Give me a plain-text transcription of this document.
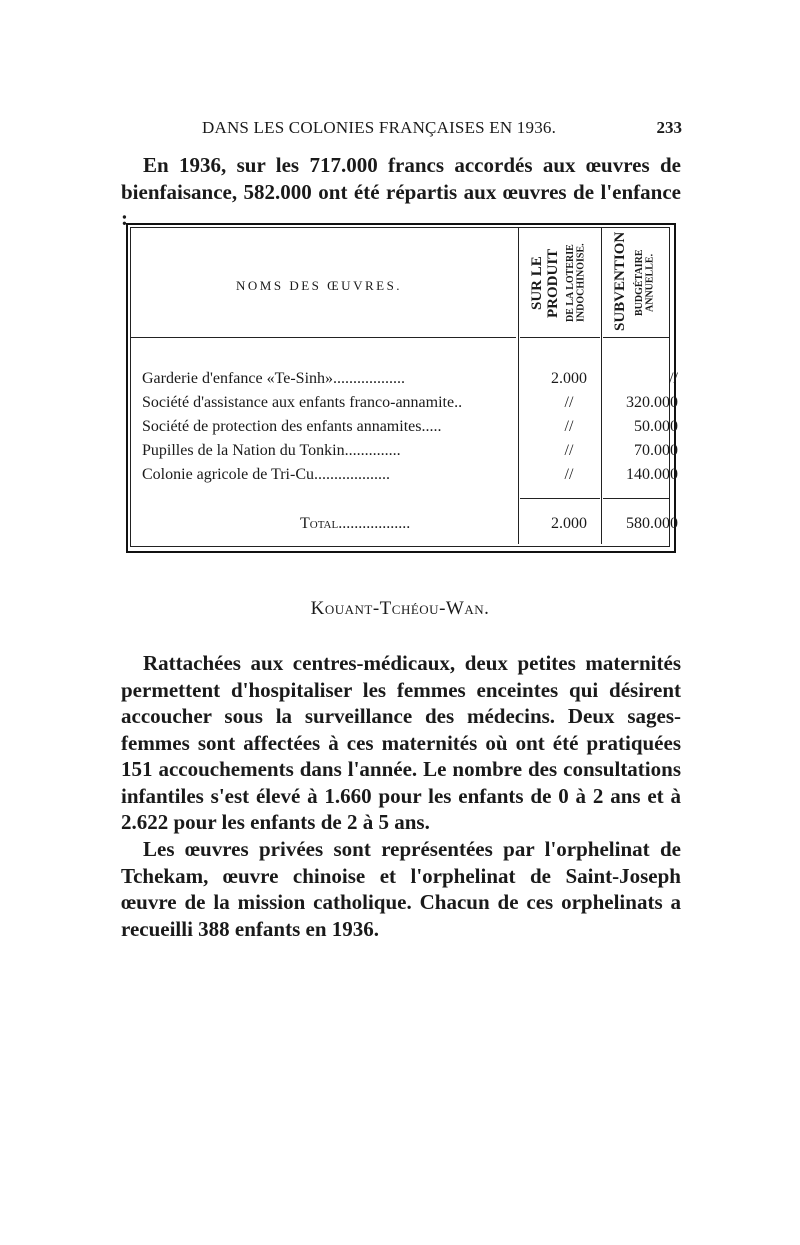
DANS LES COLONIES FRANÇAISES EN 1936.	233
En 1936, sur les 717.000 francs accordés aux œuvres de bienfaisance, 582.000 ont été répartis aux œuvres de l'enfance :
NOMS DES ŒUVRES.	SUR LE PRODUIT DE LA LOTERIE INDOCHINOISE.	SUBVENTION BUDGÉTAIRE ANNUELLE.
Garderie d'enfance «Te-Sinh»..................	2.000	//
Société d'assistance aux enfants franco-annamite..	//	320.000
Société de protection des enfants annamites.....	//	50.000
Pupilles de la Nation du Tonkin..............	//	70.000
Colonie agricole de Tri-Cu...................	//	140.000
Total..................	2.000	580.000
Kouant-Tchéou-Wan.
Rattachées aux centres-médicaux, deux petites maternités permettent d'hospitaliser les femmes enceintes qui désirent accoucher sous la surveillance des médecins. Deux sages-femmes sont affectées à ces maternités où ont été pratiquées 151 accouchements dans l'année. Le nombre des consultations infantiles s'est élevé à 1.660 pour les enfants de 0 à 2 ans et à 2.622 pour les enfants de 2 à 5 ans.
Les œuvres privées sont représentées par l'orphelinat de Tchekam, œuvre chinoise et l'orphelinat de Saint-Joseph œuvre de la mission catholique. Chacun de ces orphelinats a recueilli 388 enfants en 1936.
